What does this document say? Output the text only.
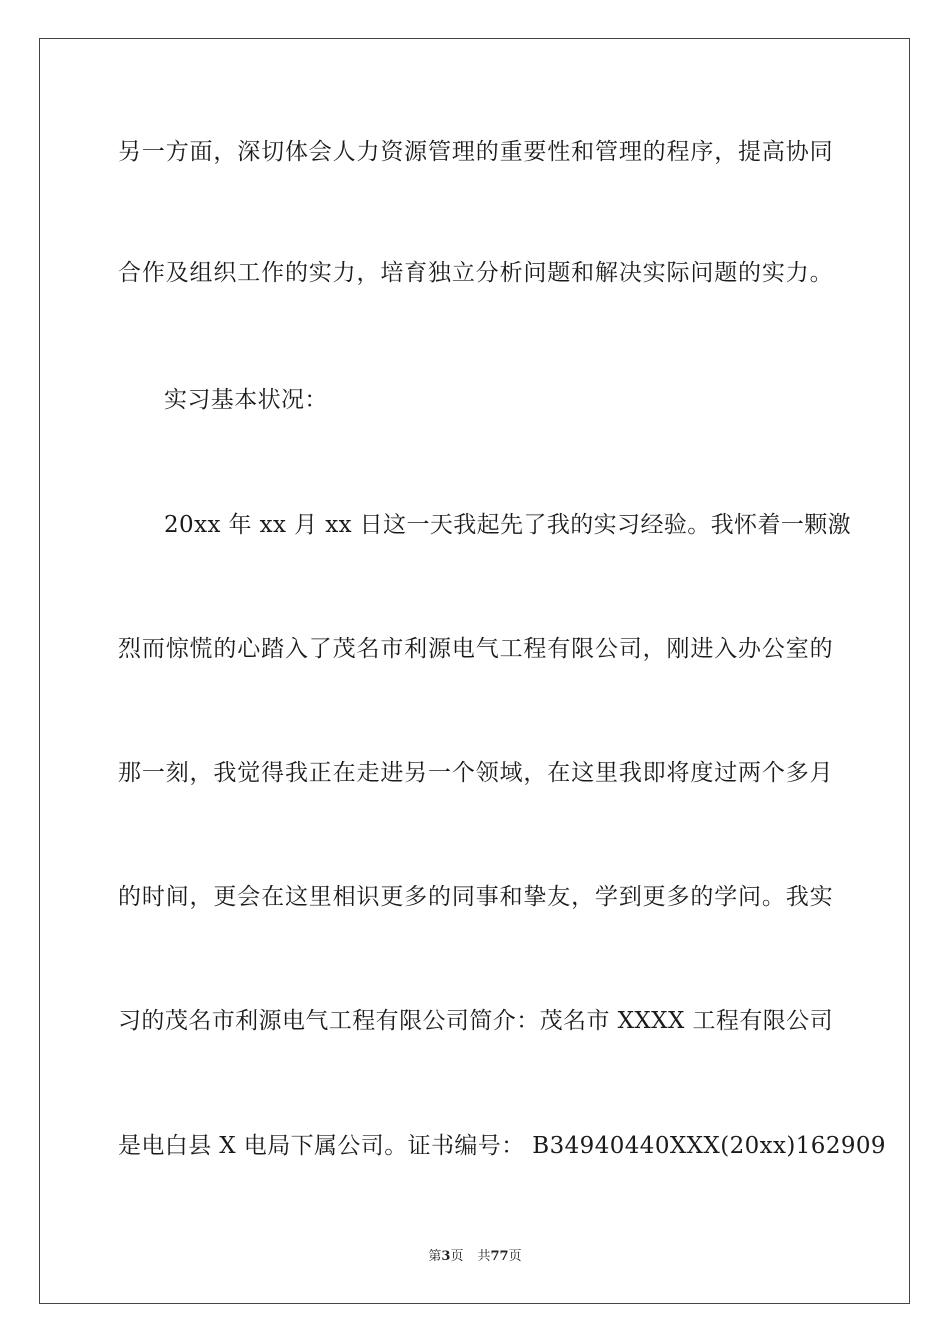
另一方面，深切体会人力资源管理的重要性和管理的程序，提高协同
合作及组织工作的实力，培育独立分析问题和解决实际问题的实力。
实习基本状况：
20xx 年 xx 月 xx 日这一天我起先了我的实习经验。我怀着一颗激
烈而惊慌的心踏入了茂名市利源电气工程有限公司，刚进入办公室的
那一刻，我觉得我正在走进另一个领域，在这里我即将度过两个多月
的时间，更会在这里相识更多的同事和挚友，学到更多的学问。我实
习的茂名市利源电气工程有限公司简介：茂名市 XXXX 工程有限公司
是电白县 X 电局下属公司。证书编号： B34940440XXX(20xx)162909
第3页 共77页
